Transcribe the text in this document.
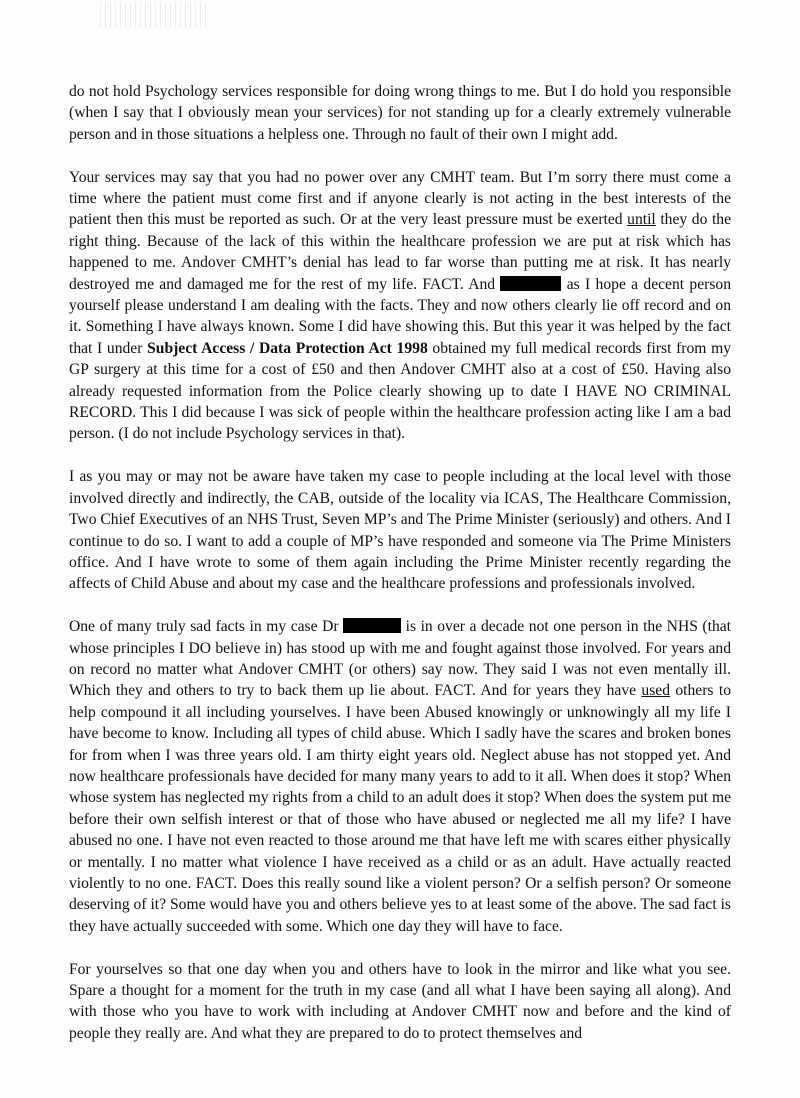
do not hold Psychology services responsible for doing wrong things to me. But I do hold you responsible (when I say that I obviously mean your services) for not standing up for a clearly extremely vulnerable person and in those situations a helpless one. Through no fault of their own I might add.

Your services may say that you had no power over any CMHT team. But I’m sorry there must come a time where the patient must come first and if anyone clearly is not acting in the best interests of the patient then this must be reported as such. Or at the very least pressure must be exerted until they do the right thing. Because of the lack of this within the healthcare profession we are put at risk which has happened to me. Andover CMHT’s denial has lead to far worse than putting me at risk. It has nearly destroyed me and damaged me for the rest of my life. FACT. And	as I hope a decent person yourself please understand I am dealing with the facts. They and now others clearly lie off record and on it. Something I have always known. Some I did have showing this. But this year it was helped by the fact that I under Subject Access / Data Protection Act 1998 obtained my full medical records first from my GP surgery at this time for a cost of £50 and then Andover CMHT also at a cost of £50. Having also already requested information from the Police clearly showing up to date I HAVE NO CRIMINAL RECORD. This I did because I was sick of people within the healthcare profession acting like I am a bad person. (I do not include Psychology services in that).

I as you may or may not be aware have taken my case to people including at the local level with those involved directly and indirectly, the CAB, outside of the locality via ICAS, The Healthcare Commission, Two Chief Executives of an NHS Trust, Seven MP’s and The Prime Minister (seriously) and others. And I continue to do so. I want to add a couple of MP’s have responded and someone via The Prime Ministers office. And I have wrote to some of them again including the Prime Minister recently regarding the affects of Child Abuse and about my case and the healthcare professions and professionals involved.

One of many truly sad facts in my case Dr	is in over a decade not one person in the NHS (that whose principles I DO believe in) has stood up with me and fought against those involved. For years and on record no matter what Andover CMHT (or others) say now. They said I was not even mentally ill. Which they and others to try to back them up lie about. FACT. And for years they have used others to help compound it all including yourselves. I have been Abused knowingly or unknowingly all my life I have become to know. Including all types of child abuse. Which I sadly have the scares and broken bones for from when I was three years old. I am thirty eight years old. Neglect abuse has not stopped yet. And now healthcare professionals have decided for many many years to add to it all. When does it stop? When whose system has neglected my rights from a child to an adult does it stop? When does the system put me before their own selfish interest or that of those who have abused or neglected me all my life? I have abused no one. I have not even reacted to those around me that have left me with scares either physically or mentally. I no matter what violence I have received as a child or as an adult. Have actually reacted violently to no one. FACT. Does this really sound like a violent person? Or a selfish person? Or someone deserving of it? Some would have you and others believe yes to at least some of the above. The sad fact is they have actually succeeded with some. Which one day they will have to face.

For yourselves so that one day when you and others have to look in the mirror and like what you see. Spare a thought for a moment for the truth in my case (and all what I have been saying all along). And with those who you have to work with including at Andover CMHT now and before and the kind of people they really are. And what they are prepared to do to protect themselves and
